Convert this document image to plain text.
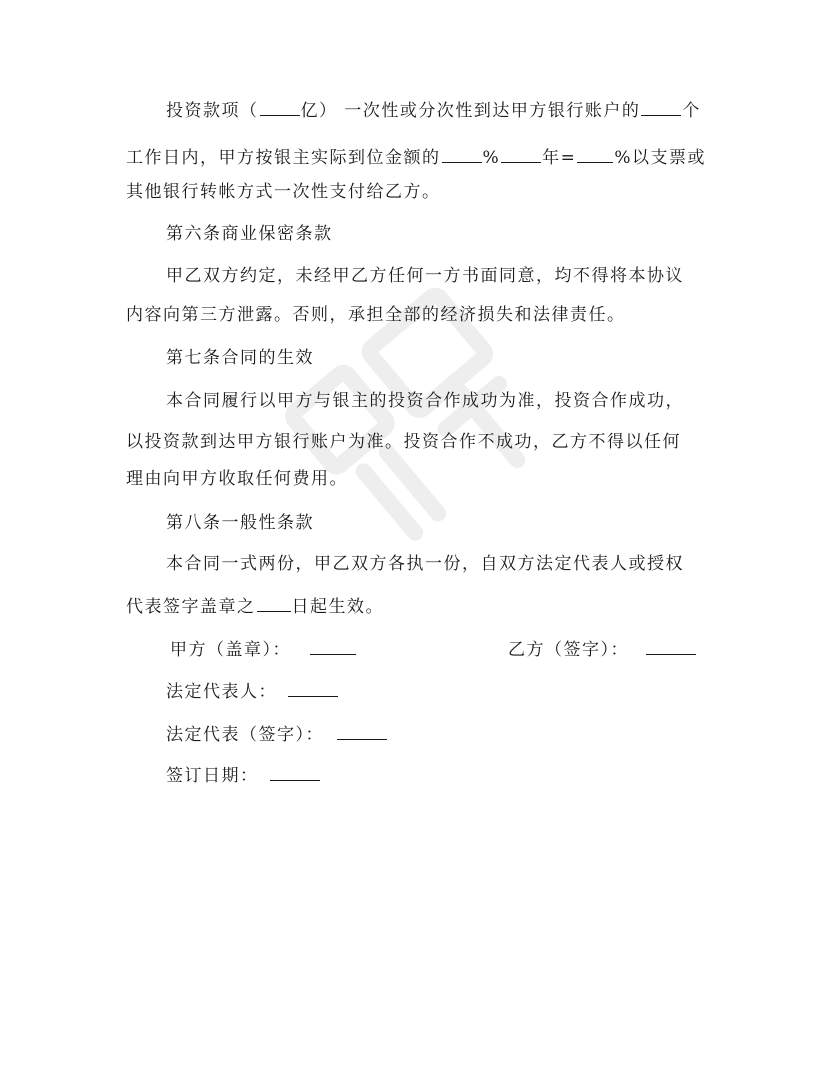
投资款项（ 亿） 一次性或分次性到达甲方银行账户的 个
工作日内，甲方按银主实际到位金额的 % 年= %以支票或
其他银行转帐方式一次性支付给乙方。
第六条商业保密条款
甲乙双方约定，未经甲乙方任何一方书面同意，均不得将本协议
内容向第三方泄露。否则，承担全部的经济损失和法律责任。
第七条合同的生效
本合同履行以甲方与银主的投资合作成功为准，投资合作成功，
以投资款到达甲方银行账户为准。投资合作不成功，乙方不得以任何
理由向甲方收取任何费用。
第八条一般性条款
本合同一式两份，甲乙双方各执一份，自双方法定代表人或授权
代表签字盖章之 日起生效。
甲方（盖章）：	乙方（签字）：
法定代表人：
法定代表（签字）：
签订日期：
